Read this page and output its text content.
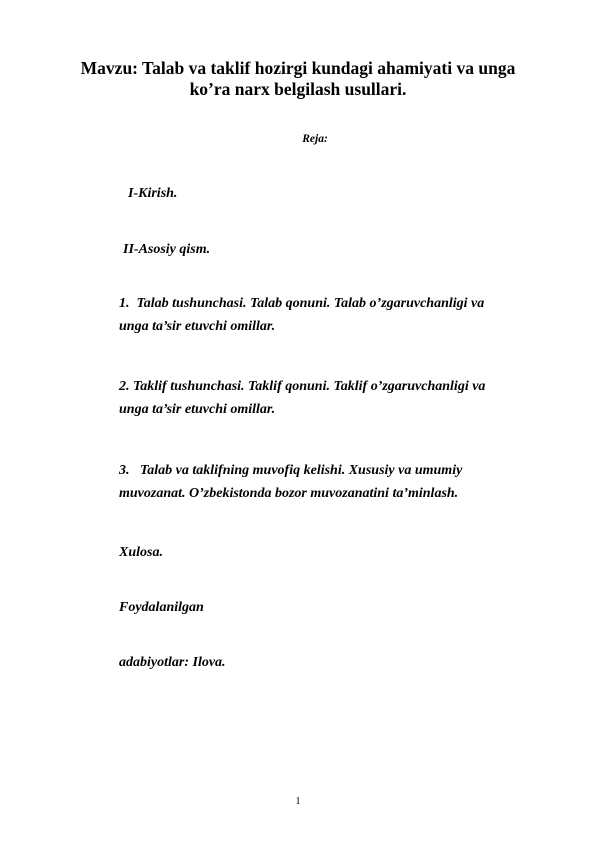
Mavzu: Talab va taklif hozirgi kundagi ahamiyati va unga
ko’ra narx belgilash usullari.
Reja:
I-Kirish.
II-Asosiy qism.
1. Talab tushunchasi. Talab qonuni. Talab o’zgaruvchanligi va
unga ta’sir etuvchi omillar.
2. Taklif tushunchasi. Taklif qonuni. Taklif o’zgaruvchanligi va
unga ta’sir etuvchi omillar.
3. Talab va taklifning muvofiq kelishi. Xususiy va umumiy
muvozanat. O’zbekistonda bozor muvozanatini ta’minlash.
Xulosa.
Foydalanilgan
adabiyotlar: Ilova.
1
